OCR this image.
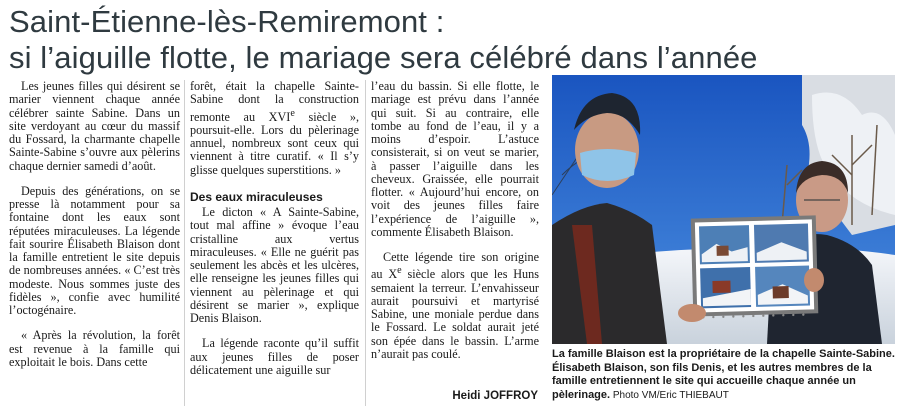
Saint-Étienne-lès-Remiremont :
si l’aiguille flotte, le mariage sera célébré dans l’année

Les jeunes filles qui désirent se marier viennent chaque année célébrer sainte Sabine. Dans un site verdoyant au cœur du massif du Fossard, la charmante chapelle Sainte-Sabine s’ouvre aux pèlerins chaque dernier samedi d’août.

Depuis des générations, on se presse là notamment pour sa fontaine dont les eaux sont réputées miraculeuses. La légende fait sourire Élisabeth Blaison dont la famille entretient le site depuis de nombreuses années. « C’est très modeste. Nous sommes juste des fidèles », confie avec humilité l’octogénaire.

« Après la révolution, la forêt est revenue à la famille qui exploitait le bois. Dans cette

forêt, était la chapelle Sainte-Sabine dont la construction remonte au XVIe siècle », poursuit-elle. Lors du pèlerinage annuel, nombreux sont ceux qui viennent à titre curatif. « Il s’y glisse quelques superstitions. »

Des eaux miraculeuses

Le dicton « A Sainte-Sabine, tout mal affine » évoque l’eau cristalline aux vertus miraculeuses. « Elle ne guérit pas seulement les abcès et les ulcères, elle renseigne les jeunes filles qui viennent au pèlerinage et qui désirent se marier », explique Denis Blaison.

La légende raconte qu’il suffit aux jeunes filles de poser délicatement une aiguille sur

l’eau du bassin. Si elle flotte, le mariage est prévu dans l’année qui suit. Si au contraire, elle tombe au fond de l’eau, il y a moins d’espoir. L’astuce consisterait, si on veut se marier, à passer l’aiguille dans les cheveux. Graissée, elle pourrait flotter. « Aujourd’hui encore, on voit des jeunes filles faire l’expérience de l’aiguille », commente Élisabeth Blaison.

Cette légende tire son origine au Xe siècle alors que les Huns semaient la terreur. L’envahisseur aurait poursuivi et martyrisé Sabine, une moniale perdue dans le Fossard. Le soldat aurait jeté son épée dans le bassin. L’arme n’aurait pas coulé.

Heidi JOFFROY
La famille Blaison est la propriétaire de la chapelle Sainte-Sabine. Élisabeth Blaison, son fils Denis, et les autres membres de la famille entretiennent le site qui accueille chaque année un pèlerinage. Photo VM/Eric THIEBAUT
